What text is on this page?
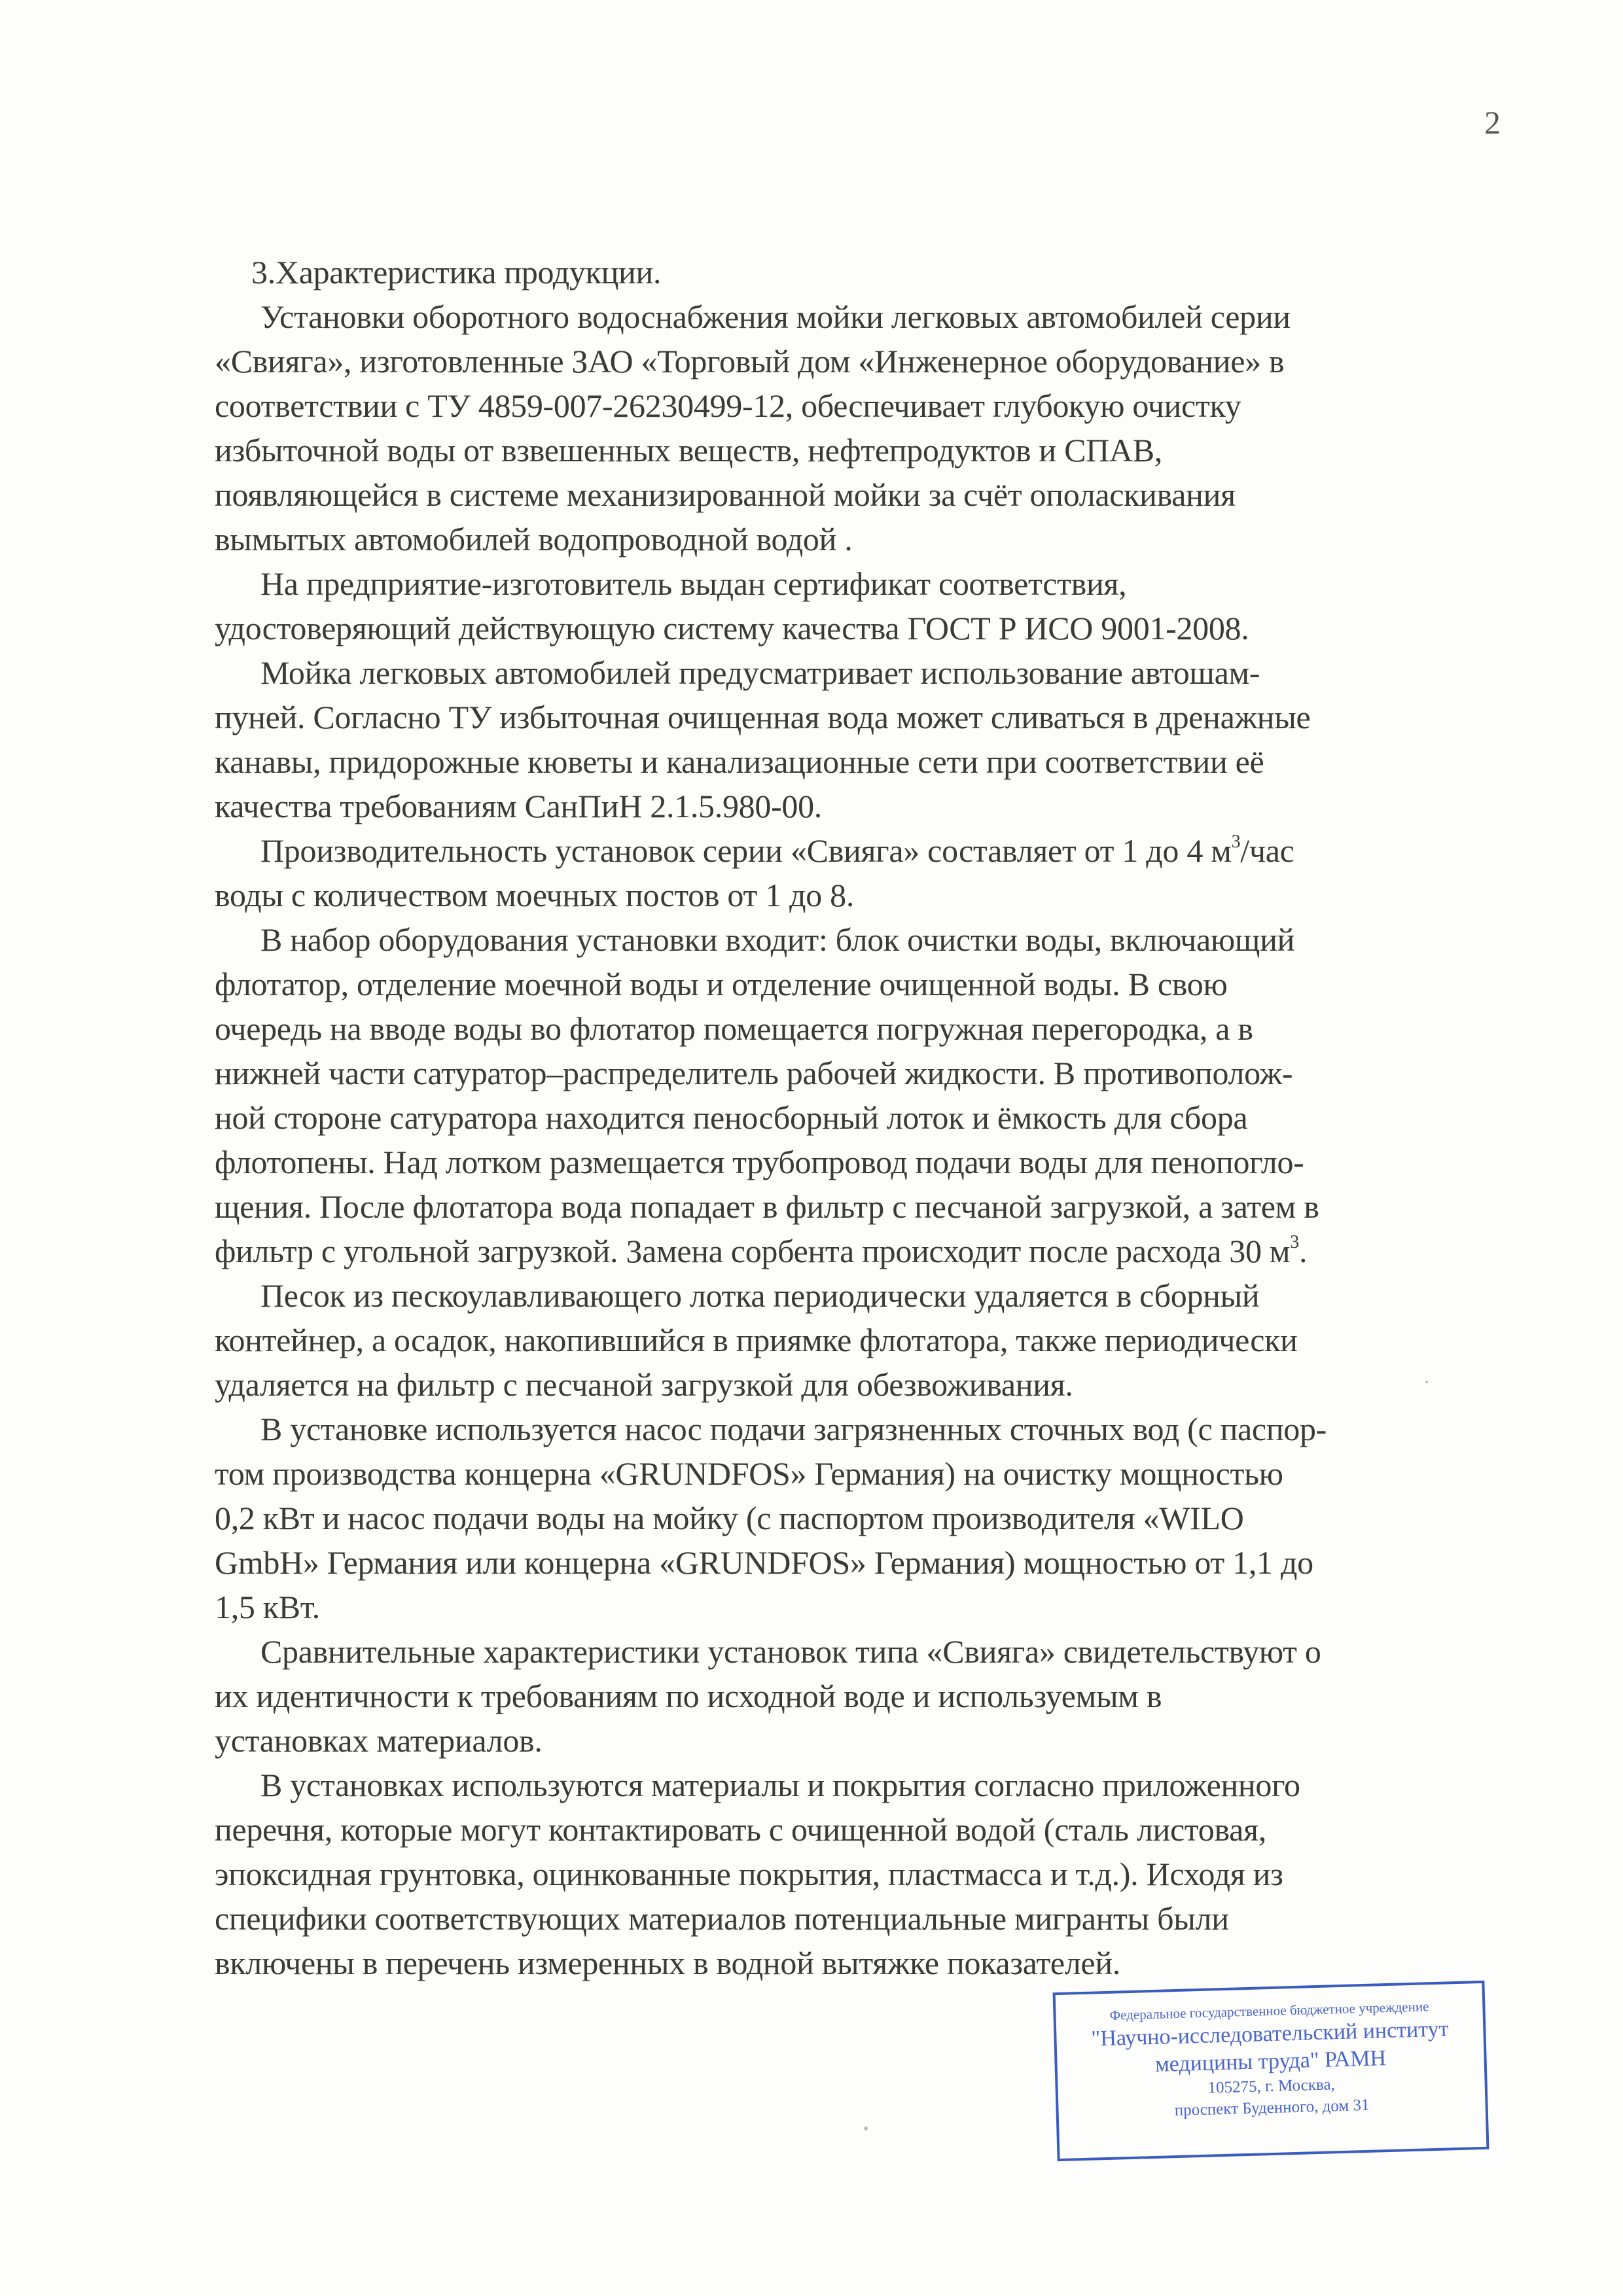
2
3.Характеристика продукции.
Установки оборотного водоснабжения мойки легковых автомобилей серии
«Свияга», изготовленные ЗАО «Торговый дом «Инженерное оборудование» в
соответствии с ТУ 4859-007-26230499-12, обеспечивает глубокую очистку
избыточной воды от взвешенных веществ, нефтепродуктов и СПАВ,
появляющейся в системе механизированной мойки за счёт ополаскивания
вымытых автомобилей водопроводной водой .
На предприятие-изготовитель выдан сертификат соответствия,
удостоверяющий действующую систему качества ГОСТ Р ИСО 9001-2008.
Мойка легковых автомобилей предусматривает использование автошам-
пуней. Согласно ТУ избыточная очищенная вода может сливаться в дренажные
канавы, придорожные кюветы и канализационные сети при соответствии её
качества требованиям СанПиН 2.1.5.980-00.
Производительность установок серии «Свияга» составляет от 1 до 4 $м^3$/час
воды с количеством моечных постов от 1 до 8.
В набор оборудования установки входит: блок очистки воды, включающий
флотатор, отделение моечной воды и отделение очищенной воды. В свою
очередь на вводе воды во флотатор помещается погружная перегородка, а в
нижней части сатуратор–распределитель рабочей жидкости. В противополож-
ной стороне сатуратора находится пеносборный лоток и ёмкость для сбора
флотопены. Над лотком размещается трубопровод подачи воды для пенопогло-
щения. После флотатора вода попадает в фильтр с песчаной загрузкой, а затем в
фильтр с угольной загрузкой. Замена сорбента происходит после расхода 30 $м^3$.
Песок из пескоулавливающего лотка периодически удаляется в сборный
контейнер, а осадок, накопившийся в приямке флотатора, также периодически
удаляется на фильтр с песчаной загрузкой для обезвоживания.
В установке используется насос подачи загрязненных сточных вод (с паспор-
том производства концерна «GRUNDFOS» Германия) на очистку мощностью
0,2 кВт и насос подачи воды на мойку (с паспортом производителя «WILO
GmbH» Германия или концерна «GRUNDFOS» Германия) мощностью от 1,1 до
1,5 кВт.
Сравнительные характеристики установок типа «Свияга» свидетельствуют о
их идентичности к требованиям по исходной воде и используемым в
установках материалов.
В установках используются материалы и покрытия согласно приложенного
перечня, которые могут контактировать с очищенной водой (сталь листовая,
эпоксидная грунтовка, оцинкованные покрытия, пластмасса и т.д.). Исходя из
специфики соответствующих материалов потенциальные мигранты были
включены в перечень измеренных в водной вытяжке показателей.
Федеральное государственное бюджетное учреждение
"Научно-исследовательский институт
медицины труда" РАМН
105275, г. Москва,
проспект Буденного, дом 31
